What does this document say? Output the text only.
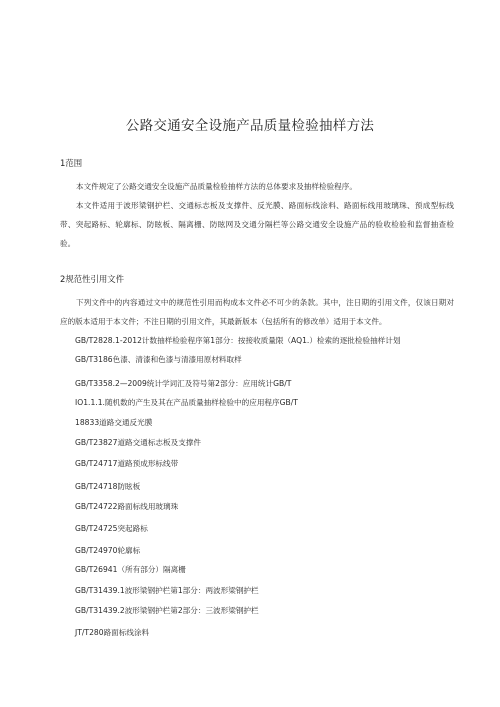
公路交通安全设施产品质量检验抽样方法
1范围
本文件规定了公路交通安全设施产品质量检验抽样方法的总体要求及抽样检验程序。
本文件适用于波形梁钢护栏、交通标志板及支撑件、反光膜、路面标线涂料、路面标线用玻璃珠、预成型标线带、突起路标、轮廓标、防眩板、隔离栅、防眩网及交通分隔栏等公路交通安全设施产品的验收检验和监督抽查检验。
2规范性引用文件
下列文件中的内容通过文中的规范性引用而构成本文件必不可少的条款。其中，注日期的引用文件，仅该日期对应的版本适用于本文件；不注日期的引用文件，其最新版本（包括所有的修改单）适用于本文件。
GB/T2828.1-2012计数抽样检验程序第1部分：按接收质量限（AQ1.）检索的逐批检验抽样计划
GB/T3186色漆、清漆和色漆与清漆用原材料取样
GB/T3358.2—2009统计学词汇及符号第2部分：应用统计GB/T
IO1.1.1.随机数的产生及其在产品质量抽样检验中的应用程序GB/T
18833道路交通反光膜
GB/T23827道路交通标志板及支撑件
GB/T24717道路预成形标线带
GB/T24718防眩板
GB/T24722路面标线用玻璃珠
GB/T24725突起路标
GB/T24970轮廓标
GB/T26941（所有部分）隔离栅
GB/T31439.1波形梁钢护栏第1部分：两波形梁钢护栏
GB/T31439.2波形梁钢护栏第2部分：三波形梁钢护栏
JT/T280路面标线涂料
